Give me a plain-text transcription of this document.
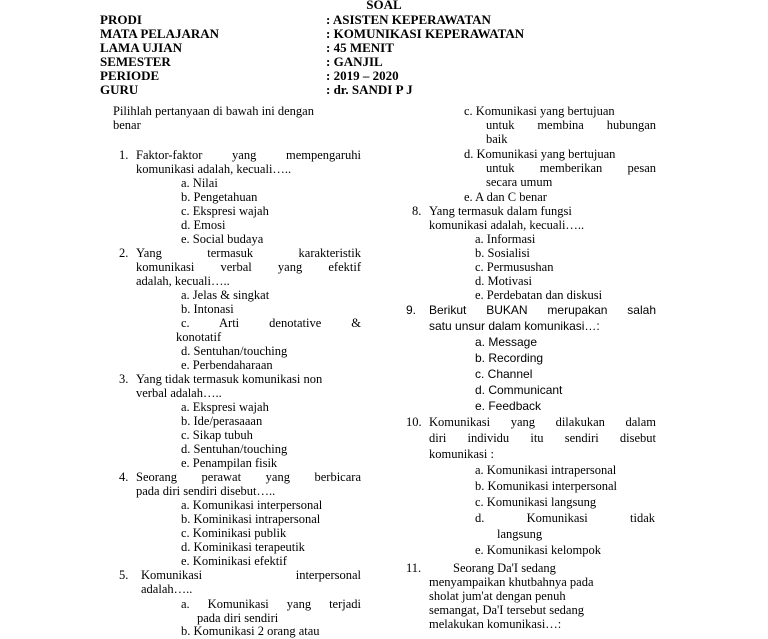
SOAL
PRODI	: ASISTEN KEPERAWATAN
MATA PELAJARAN	: KOMUNIKASI KEPERAWATAN
LAMA UJIAN	: 45 MENIT
SEMESTER	: GANJIL
PERIODE	: 2019 – 2020
GURU	: dr. SANDI P J
Pilihlah pertanyaan di bawah ini dengan
benar
1. Faktor-faktor yang mempengaruhi
komunikasi adalah, kecuali…..
a. Nilai
b. Pengetahuan
c. Ekspresi wajah
d. Emosi
e. Social budaya
2. Yang termasuk karakteristik
komunikasi verbal yang efektif
adalah, kecuali…..
a. Jelas & singkat
b. Intonasi
c. Arti denotative &
konotatif
d. Sentuhan/touching
e. Perbendaharaan
3. Yang tidak termasuk komunikasi non
verbal adalah…..
a. Ekspresi wajah
b. Ide/perasaaan
c. Sikap tubuh
d. Sentuhan/touching
e. Penampilan fisik
4. Seorang perawat yang berbicara
pada diri sendiri disebut…..
a. Komunikasi interpersonal
b. Kominikasi intrapersonal
c. Kominikasi publik
d. Kominikasi terapeutik
e. Kominikasi efektif
5. Komunikasi interpersonal
adalah…..
a. Komunikasi yang terjadi
pada diri sendiri
b. Komunikasi 2 orang atau
c. Komunikasi yang bertujuan
untuk membina hubungan
baik
d. Komunikasi yang bertujuan
untuk memberikan pesan
secara umum
e. A dan C benar
8. Yang termasuk dalam fungsi
komunikasi adalah, kecuali…..
a. Informasi
b. Sosialisi
c. Permusushan
d. Motivasi
e. Perdebatan dan diskusi
9. Berikut BUKAN merupakan salah
satu unsur dalam komunikasi…:
a. Message
b. Recording
c. Channel
d. Communicant
e. Feedback
10. Komunikasi yang dilakukan dalam
diri individu itu sendiri disebut
komunikasi :
a. Komunikasi intrapersonal
b. Komunikasi interpersonal
c. Komunikasi langsung
d. Komunikasi tidak
langsung
e. Komunikasi kelompok
11.	Seorang Da'I sedang
menyampaikan khutbahnya pada
sholat jum'at dengan penuh
semangat, Da'I tersebut sedang
melakukan komunikasi…:
